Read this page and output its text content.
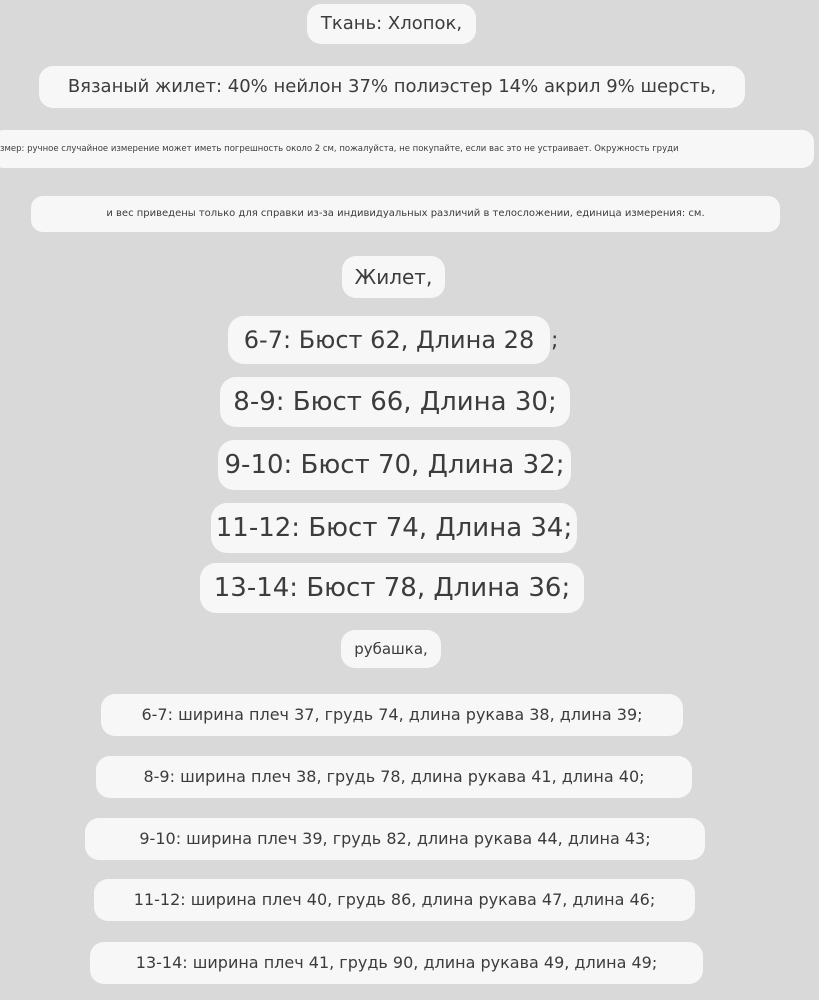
Ткань: Хлопок,
Вязаный жилет: 40% нейлон 37% полиэстер 14% акрил 9% шерсть,
змер: ручное случайное измерение может иметь погрешность около 2 см, пожалуйста, не покупайте, если вас это не устраивает. Окружность груди
и вес приведены только для справки из-за индивидуальных различий в телосложении, единица измерения: см.
Жилет,
6-7: Бюст 62, Длина 28 ;
8-9: Бюст 66, Длина 30;
9-10: Бюст 70, Длина 32;
11-12: Бюст 74, Длина 34;
13-14: Бюст 78, Длина 36;
рубашка,
6-7: ширина плеч 37, грудь 74, длина рукава 38, длина 39;
8-9: ширина плеч 38, грудь 78, длина рукава 41, длина 40;
9-10: ширина плеч 39, грудь 82, длина рукава 44, длина 43;
11-12: ширина плеч 40, грудь 86, длина рукава 47, длина 46;
13-14: ширина плеч 41, грудь 90, длина рукава 49, длина 49;
